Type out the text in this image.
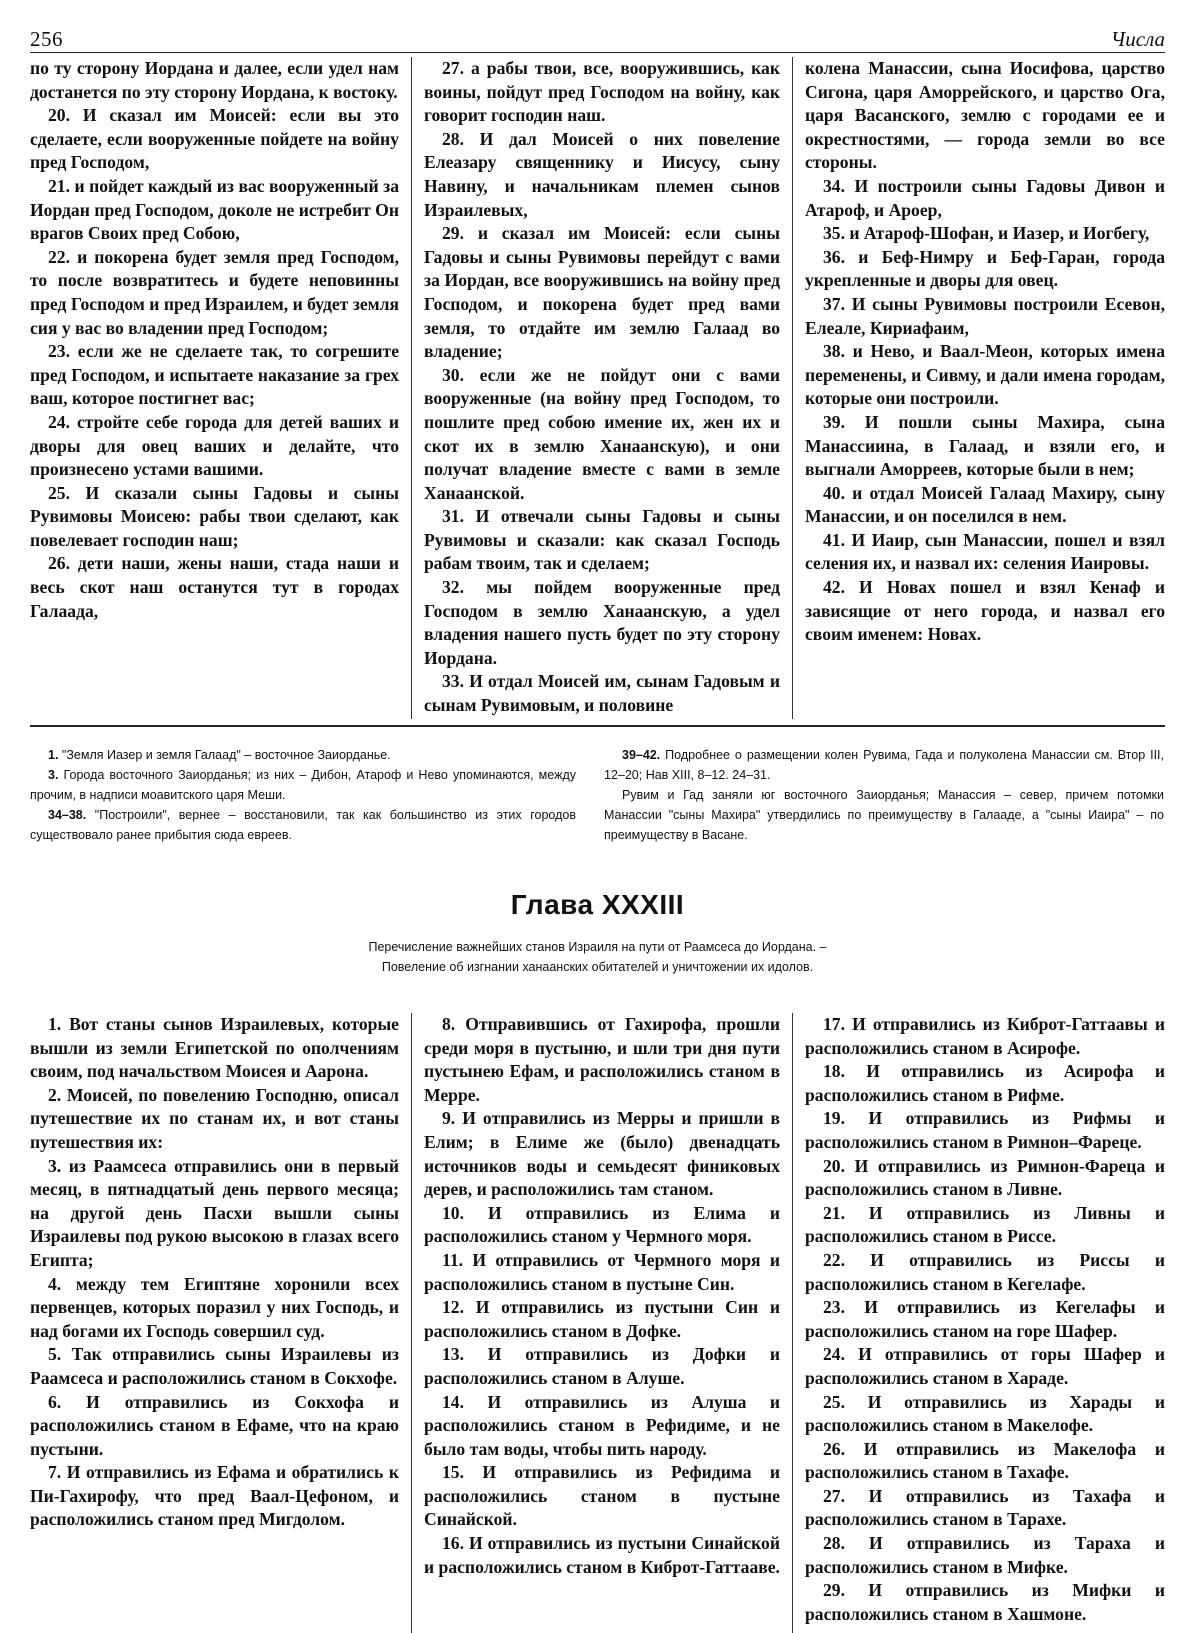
256	Числа

по ту сторону Иордана и далее, если удел нам достанется по эту сторону Иордана, к востоку.

20. И сказал им Моисей: если вы это сделаете, если вооруженные пойдете на войну пред Господом,

21. и пойдет каждый из вас вооруженный за Иордан пред Господом, доколе не истребит Он врагов Своих пред Собою,

22. и покорена будет земля пред Господом, то после возвратитесь и будете неповинны пред Господом и пред Израилем, и будет земля сия у вас во владении пред Господом;

23. если же не сделаете так, то согрешите пред Господом, и испытаете наказание за грех ваш, которое постигнет вас;

24. стройте себе города для детей ваших и дворы для овец ваших и делайте, что произнесено устами вашими.

25. И сказали сыны Гадовы и сыны Рувимовы Моисею: рабы твои сделают, как повелевает господин наш;

26. дети наши, жены наши, стада наши и весь скот наш останутся тут в городах Галаада,

27. а рабы твои, все, вооружившись, как воины, пойдут пред Господом на войну, как говорит господин наш.

28. И дал Моисей о них повеление Елеазару священнику и Иисусу, сыну Навину, и начальникам племен сынов Израилевых,

29. и сказал им Моисей: если сыны Гадовы и сыны Рувимовы перейдут с вами за Иордан, все вооружившись на войну пред Господом, и покорена будет пред вами земля, то отдайте им землю Галаад во владение;

30. если же не пойдут они с вами вооруженные (на войну пред Господом, то пошлите пред собою имение их, жен их и скот их в землю Ханаанскую), и они получат владение вместе с вами в земле Ханаанской.

31. И отвечали сыны Гадовы и сыны Рувимовы и сказали: как сказал Господь рабам твоим, так и сделаем;

32. мы пойдем вооруженные пред Господом в землю Ханаанскую, а удел владения нашего пусть будет по эту сторону Иордана.

33. И отдал Моисей им, сынам Гадовым и сынам Рувимовым, и половине

колена Манассии, сына Иосифова, царство Сигона, царя Аморрейского, и царство Ога, царя Васанского, землю с городами ее и окрестностями, — города земли во все стороны.

34. И построили сыны Гадовы Дивон и Атароф, и Ароер,

35. и Атароф-Шофан, и Иазер, и Иогбегу,

36. и Беф-Нимру и Беф-Гаран, города укрепленные и дворы для овец.

37. И сыны Рувимовы построили Есевон, Елеале, Кириафаим,

38. и Нево, и Ваал-Меон, которых имена переменены, и Сивму, и дали имена городам, которые они построили.

39. И пошли сыны Махира, сына Манассиина, в Галаад, и взяли его, и выгнали Аморреев, которые были в нем;

40. и отдал Моисей Галаад Махиру, сыну Манассии, и он поселился в нем.

41. И Иаир, сын Манассии, пошел и взял селения их, и назвал их: селения Иаировы.

42. И Новах пошел и взял Кенаф и зависящие от него города, и назвал его своим именем: Новах.

1. "Земля Иазер и земля Галаад" – восточное Заиорданье.

3. Города восточного Заиорданья; из них – Дибон, Атароф и Нево упоминаются, между прочим, в надписи моавитского царя Меши.

34–38. "Построили", вернее – восстановили, так как большинство из этих городов существовало ранее прибытия сюда евреев.

39–42. Подробнее о размещении колен Рувима, Гада и полуколена Манассии см. Втор III, 12–20; Нав XIII, 8–12. 24–31.

Рувим и Гад заняли юг восточного Заиорданья; Манассия – север, причем потомки Манассии "сыны Махира" утвердились по преимуществу в Галааде, а "сыны Иаира" – по преимуществу в Васане.

Глава XXXIII
Перечисление важнейших станов Израиля на пути от Раамсеса до Иордана. –
Повеление об изгнании ханаанских обитателей и уничтожении их идолов.

1. Вот станы сынов Израилевых, которые вышли из земли Египетской по ополчениям своим, под начальством Моисея и Аарона.

2. Моисей, по повелению Господню, описал путешествие их по станам их, и вот станы путешествия их:

3. из Раамсеса отправились они в первый месяц, в пятнадцатый день первого месяца; на другой день Пасхи вышли сыны Израилевы под рукою высокою в глазах всего Египта;

4. между тем Египтяне хоронили всех первенцев, которых поразил у них Господь, и над богами их Господь совершил суд.

5. Так отправились сыны Израилевы из Раамсеса и расположились станом в Сокхофе.

6. И отправились из Сокхофа и расположились станом в Ефаме, что на краю пустыни.

7. И отправились из Ефама и обратились к Пи-Гахирофу, что пред Ваал-Цефоном, и расположились станом пред Мигдолом.

8. Отправившись от Гахирофа, прошли среди моря в пустыню, и шли три дня пути пустынею Ефам, и расположились станом в Мерре.

9. И отправились из Мерры и пришли в Елим; в Елиме же (было) двенадцать источников воды и семьдесят финиковых дерев, и расположились там станом.

10. И отправились из Елима и расположились станом у Чермного моря.

11. И отправились от Чермного моря и расположились станом в пустыне Син.

12. И отправились из пустыни Син и расположились станом в Дофке.

13. И отправились из Дофки и расположились станом в Алуше.

14. И отправились из Алуша и расположились станом в Рефидиме, и не было там воды, чтобы пить народу.

15. И отправились из Рефидима и расположились станом в пустыне Синайской.

16. И отправились из пустыни Синайской и расположились станом в Киброт-Гаттааве.

17. И отправились из Киброт-Гаттаавы и расположились станом в Асирофе.

18. И отправились из Асирофа и расположились станом в Рифме.

19. И отправились из Рифмы и расположились станом в Римнон–Фареце.

20. И отправились из Римнон-Фареца и расположились станом в Ливне.

21. И отправились из Ливны и расположились станом в Риссе.

22. И отправились из Риссы и расположились станом в Кегелафе.

23. И отправились из Кегелафы и расположились станом на горе Шафер.

24. И отправились от горы Шафер и расположились станом в Хараде.

25. И отправились из Харады и расположились станом в Макелофе.

26. И отправились из Макелофа и расположились станом в Тахафе.

27. И отправились из Тахафа и расположились станом в Тарахе.

28. И отправились из Тараха и расположились станом в Мифке.

29. И отправились из Мифки и расположились станом в Хашмоне.
